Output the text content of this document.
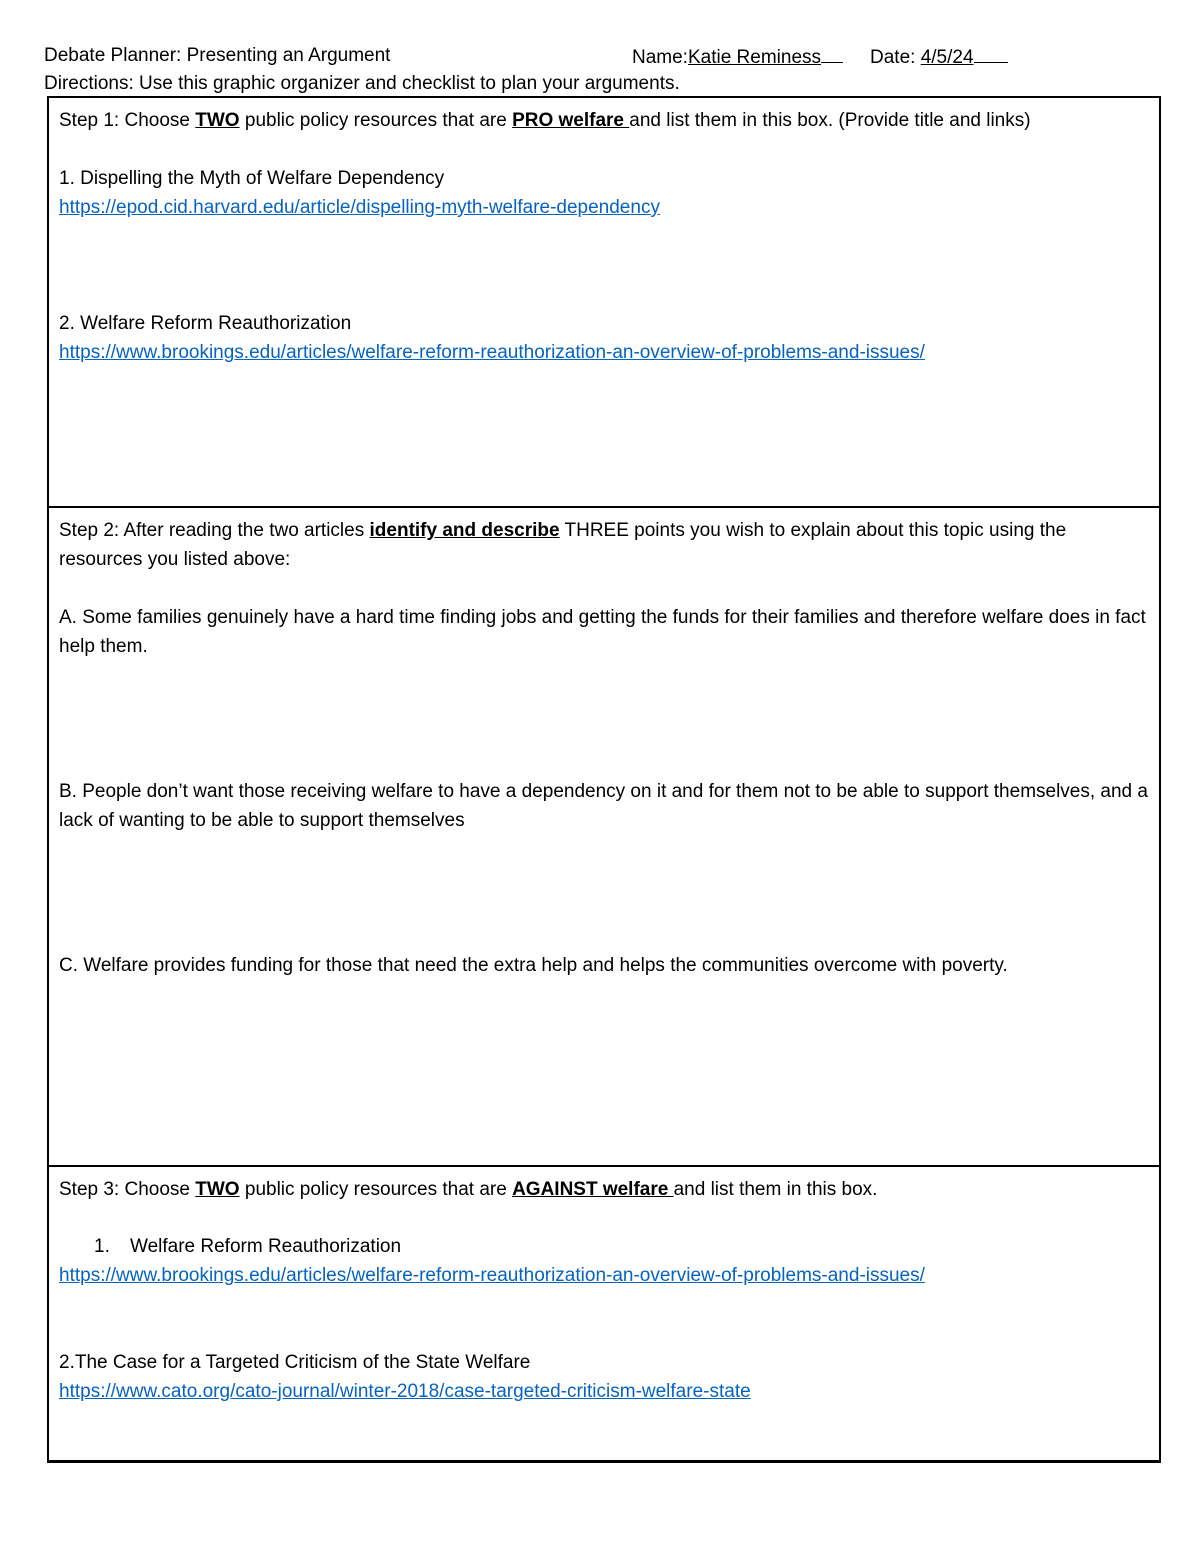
Debate Planner: Presenting an Argument	Name:Katie Reminess	Date: 4/5/24
Directions: Use this graphic organizer and checklist to plan your arguments.

Step 1: Choose TWO public policy resources that are PRO welfare and list them in this box. (Provide title and links)

1. Dispelling the Myth of Welfare Dependency

https://epod.cid.harvard.edu/article/dispelling-myth-welfare-dependency

2. Welfare Reform Reauthorization

https://www.brookings.edu/articles/welfare-reform-reauthorization-an-overview-of-problems-and-issues/

Step 2: After reading the two articles identify and describe THREE points you wish to explain about this topic using the resources you listed above:

A. Some families genuinely have a hard time finding jobs and getting the funds for their families and therefore welfare does in fact help them.

B. People don’t want those receiving welfare to have a dependency on it and for them not to be able to support themselves, and a lack of wanting to be able to support themselves

C. Welfare provides funding for those that need the extra help and helps the communities overcome with poverty.

Step 3: Choose TWO public policy resources that are AGAINST welfare and list them in this box.

1. Welfare Reform Reauthorization

https://www.brookings.edu/articles/welfare-reform-reauthorization-an-overview-of-problems-and-issues/

2.The Case for a Targeted Criticism of the State Welfare

https://www.cato.org/cato-journal/winter-2018/case-targeted-criticism-welfare-state
